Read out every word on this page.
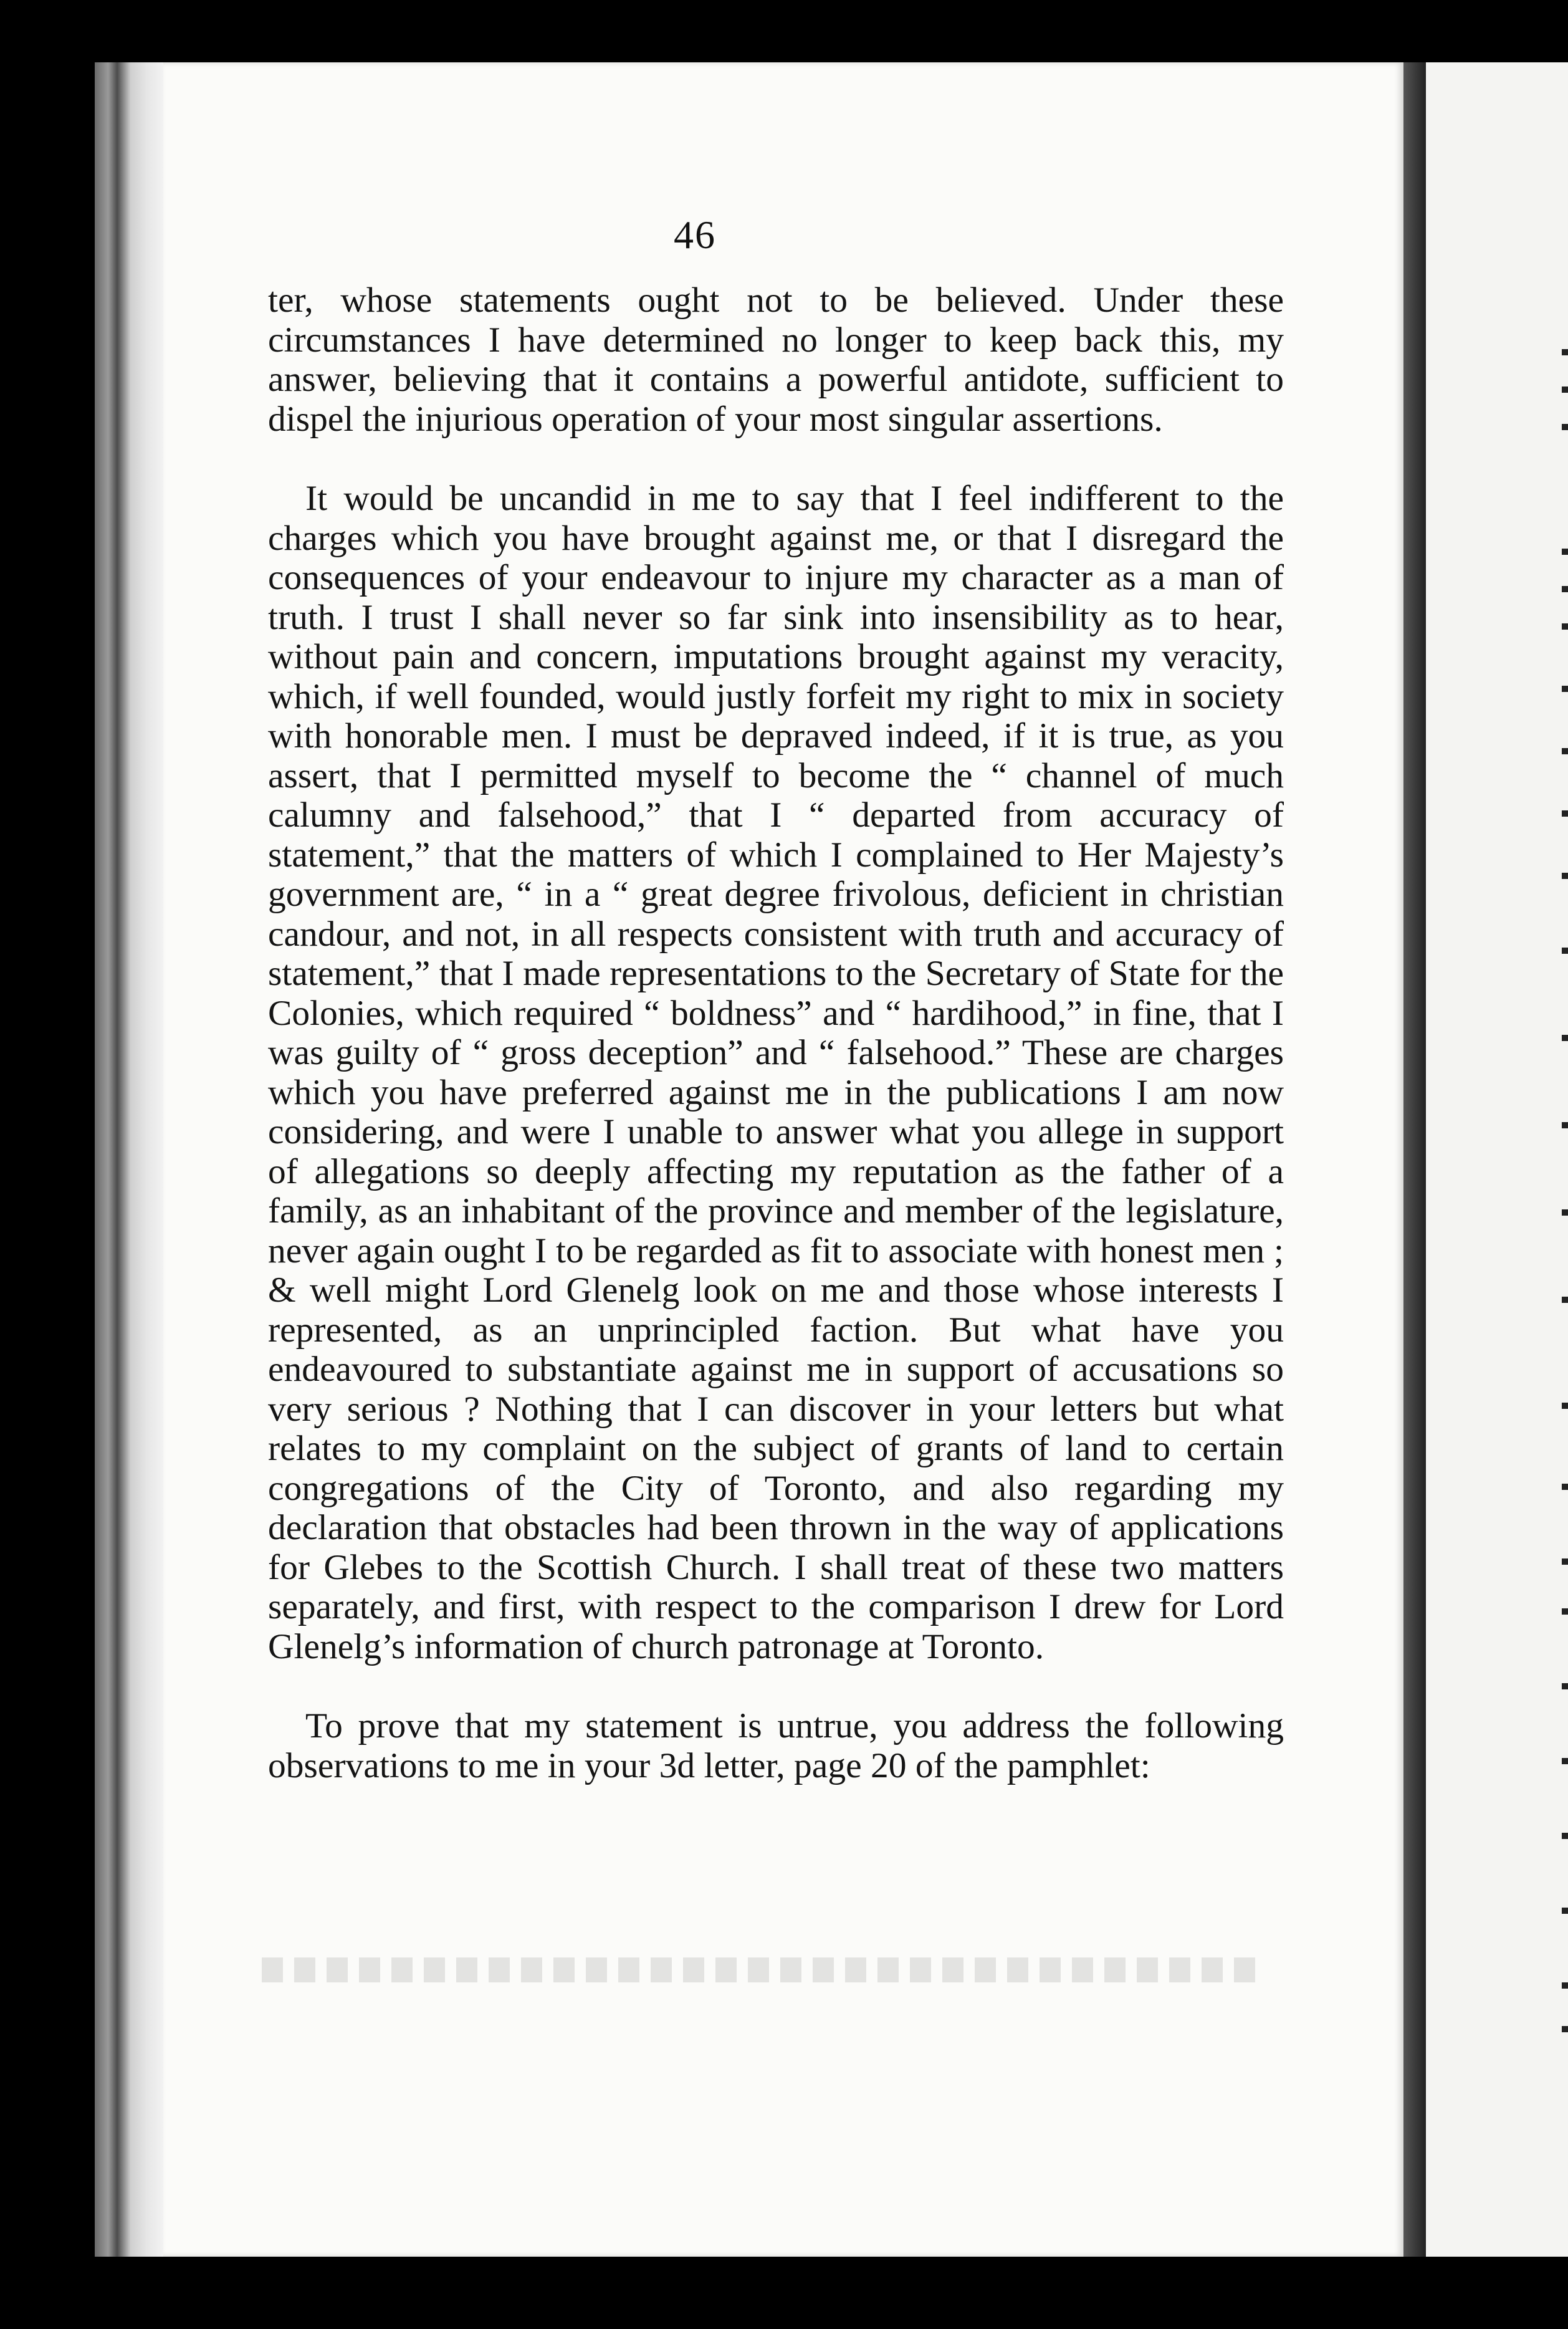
46

ter, whose statements ought not to be believed. Under these circumstances I have determined no longer to keep back this, my answer, believing that it contains a powerful antidote, sufficient to dispel the injurious operation of your most singular assertions.

It would be uncandid in me to say that I feel indifferent to the charges which you have brought against me, or that I disregard the consequences of your endeavour to injure my character as a man of truth. I trust I shall never so far sink into insensibility as to hear, without pain and concern, imputations brought against my veracity, which, if well founded, would justly forfeit my right to mix in society with honorable men. I must be depraved indeed, if it is true, as you assert, that I permitted myself to become the “ channel of much calumny and falsehood,” that I “ departed from accuracy of statement,” that the matters of which I complained to Her Majesty’s government are, “ in a “ great degree frivolous, deficient in christian candour, and not, in all respects consistent with truth and accuracy of statement,” that I made representations to the Secretary of State for the Colonies, which required “ boldness” and “ hardihood,” in fine, that I was guilty of “ gross deception” and “ falsehood.” These are charges which you have preferred against me in the publications I am now considering, and were I unable to answer what you allege in support of allegations so deeply affecting my reputation as the father of a family, as an inhabitant of the province and member of the legislature, never again ought I to be regarded as fit to associate with honest men ; & well might Lord Glenelg look on me and those whose interests I represented, as an unprincipled faction. But what have you endeavoured to substantiate against me in support of accusations so very serious ? Nothing that I can discover in your letters but what relates to my complaint on the subject of grants of land to certain congregations of the City of Toronto, and also regarding my declaration that obstacles had been thrown in the way of applications for Glebes to the Scottish Church. I shall treat of these two matters separately, and first, with respect to the comparison I drew for Lord Glenelg’s information of church patronage at Toronto.

To prove that my statement is untrue, you address the following observations to me in your 3d letter, page 20 of the pamphlet:
